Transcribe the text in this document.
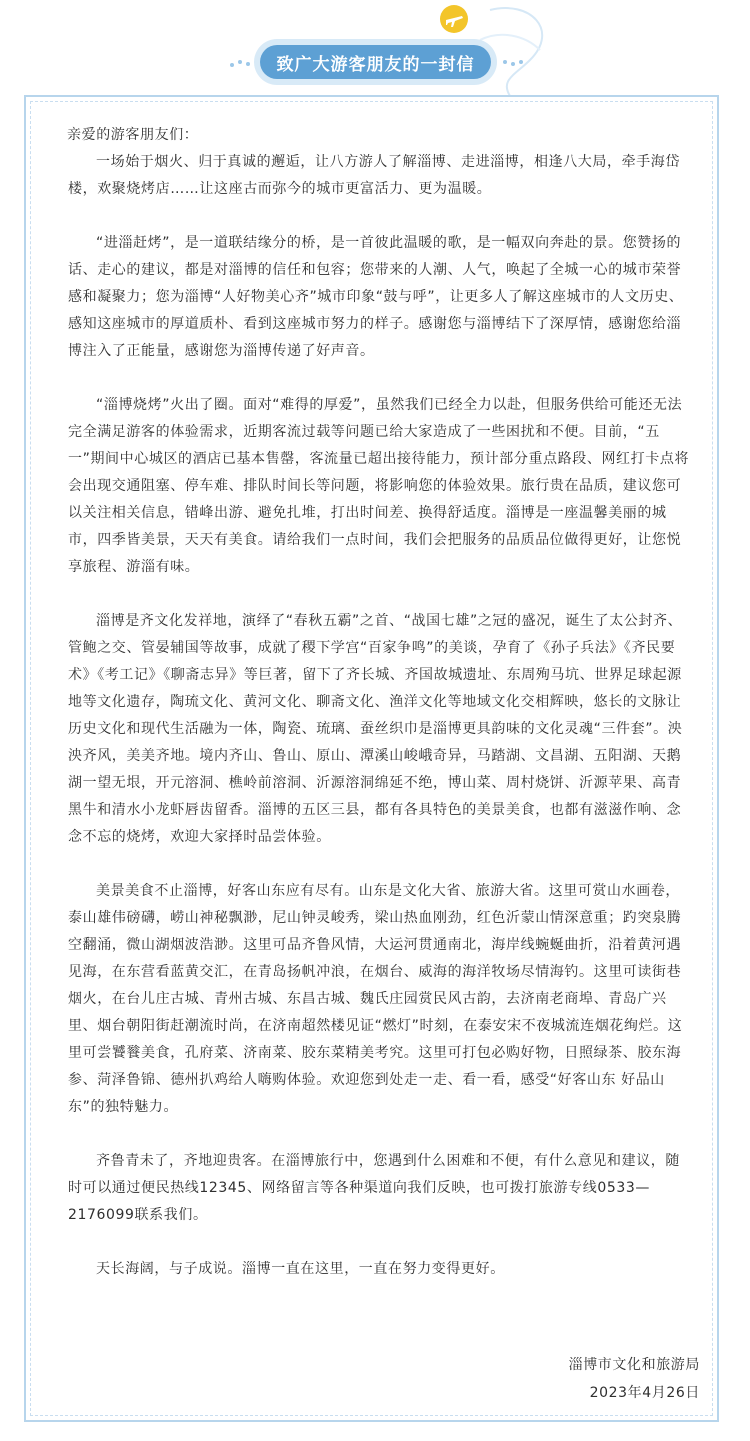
致广大游客朋友的一封信
亲爱的游客朋友们：
一场始于烟火、归于真诚的邂逅，让八方游人了解淄博、走进淄博，相逢八大局，牵手海岱楼，欢聚烧烤店……让这座古而弥今的城市更富活力、更为温暖。
“进淄赶烤”，是一道联结缘分的桥，是一首彼此温暖的歌，是一幅双向奔赴的景。您赞扬的话、走心的建议，都是对淄博的信任和包容；您带来的人潮、人气，唤起了全城一心的城市荣誉感和凝聚力；您为淄博“人好物美心齐”城市印象“鼓与呼”，让更多人了解这座城市的人文历史、感知这座城市的厚道质朴、看到这座城市努力的样子。感谢您与淄博结下了深厚情，感谢您给淄博注入了正能量，感谢您为淄博传递了好声音。
“淄博烧烤”火出了圈。面对“难得的厚爱”，虽然我们已经全力以赴，但服务供给可能还无法完全满足游客的体验需求，近期客流过载等问题已给大家造成了一些困扰和不便。目前，“五一”期间中心城区的酒店已基本售罄，客流量已超出接待能力，预计部分重点路段、网红打卡点将会出现交通阻塞、停车难、排队时间长等问题，将影响您的体验效果。旅行贵在品质，建议您可以关注相关信息，错峰出游、避免扎堆，打出时间差、换得舒适度。淄博是一座温馨美丽的城市，四季皆美景，天天有美食。请给我们一点时间，我们会把服务的品质品位做得更好，让您悦享旅程、游淄有味。
淄博是齐文化发祥地，演绎了“春秋五霸”之首、“战国七雄”之冠的盛况，诞生了太公封齐、管鲍之交、管晏辅国等故事，成就了稷下学宫“百家争鸣”的美谈，孕育了《孙子兵法》《齐民要术》《考工记》《聊斋志异》等巨著，留下了齐长城、齐国故城遗址、东周殉马坑、世界足球起源地等文化遗存，陶琉文化、黄河文化、聊斋文化、渔洋文化等地域文化交相辉映，悠长的文脉让历史文化和现代生活融为一体，陶瓷、琉璃、蚕丝织巾是淄博更具韵味的文化灵魂“三件套”。泱泱齐风，美美齐地。境内齐山、鲁山、原山、潭溪山峻峨奇异，马踏湖、文昌湖、五阳湖、天鹅湖一望无垠，开元溶洞、樵岭前溶洞、沂源溶洞绵延不绝，博山菜、周村烧饼、沂源苹果、高青黑牛和清水小龙虾唇齿留香。淄博的五区三县，都有各具特色的美景美食，也都有滋滋作响、念念不忘的烧烤，欢迎大家择时品尝体验。
美景美食不止淄博，好客山东应有尽有。山东是文化大省、旅游大省。这里可赏山水画卷，泰山雄伟磅礴，崂山神秘飘渺，尼山钟灵峻秀，梁山热血刚劲，红色沂蒙山情深意重；趵突泉腾空翻涌，微山湖烟波浩渺。这里可品齐鲁风情，大运河贯通南北，海岸线蜿蜒曲折，沿着黄河遇见海，在东营看蓝黄交汇，在青岛扬帆冲浪，在烟台、威海的海洋牧场尽情海钓。这里可读街巷烟火，在台儿庄古城、青州古城、东昌古城、魏氏庄园赏民风古韵，去济南老商埠、青岛广兴里、烟台朝阳街赶潮流时尚，在济南超然楼见证“燃灯”时刻，在泰安宋不夜城流连烟花绚烂。这里可尝饕餮美食，孔府菜、济南菜、胶东菜精美考究。这里可打包必购好物，日照绿茶、胶东海参、菏泽鲁锦、德州扒鸡给人嗨购体验。欢迎您到处走一走、看一看，感受“好客山东 好品山东”的独特魅力。
齐鲁青未了，齐地迎贵客。在淄博旅行中，您遇到什么困难和不便，有什么意见和建议，随时可以通过便民热线12345、网络留言等各种渠道向我们反映，也可拨打旅游专线0533—2176099联系我们。
天长海阔，与子成说。淄博一直在这里，一直在努力变得更好。
淄博市文化和旅游局
2023年4月26日
